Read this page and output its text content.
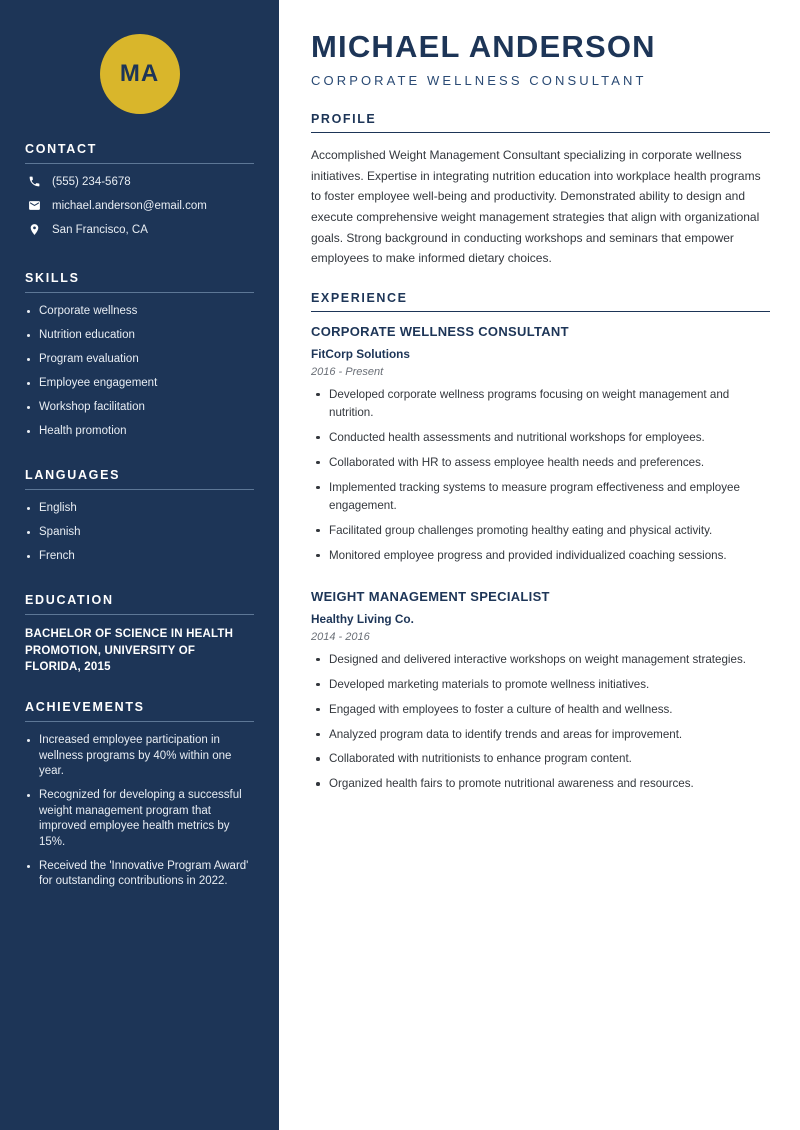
MA
CONTACT
(555) 234-5678
michael.anderson@email.com
San Francisco, CA
SKILLS
Corporate wellness
Nutrition education
Program evaluation
Employee engagement
Workshop facilitation
Health promotion
LANGUAGES
English
Spanish
French
EDUCATION
BACHELOR OF SCIENCE IN HEALTH PROMOTION, UNIVERSITY OF FLORIDA, 2015
ACHIEVEMENTS
Increased employee participation in wellness programs by 40% within one year.
Recognized for developing a successful weight management program that improved employee health metrics by 15%.
Received the 'Innovative Program Award' for outstanding contributions in 2022.
MICHAEL ANDERSON
CORPORATE WELLNESS CONSULTANT
PROFILE

Accomplished Weight Management Consultant specializing in corporate wellness initiatives. Expertise in integrating nutrition education into workplace health programs to foster employee well-being and productivity. Demonstrated ability to design and execute comprehensive weight management strategies that align with organizational goals. Strong background in conducting workshops and seminars that empower employees to make informed dietary choices.

EXPERIENCE
CORPORATE WELLNESS CONSULTANT
FitCorp Solutions
2016 - Present
Developed corporate wellness programs focusing on weight management and nutrition.
Conducted health assessments and nutritional workshops for employees.
Collaborated with HR to assess employee health needs and preferences.
Implemented tracking systems to measure program effectiveness and employee engagement.
Facilitated group challenges promoting healthy eating and physical activity.
Monitored employee progress and provided individualized coaching sessions.
WEIGHT MANAGEMENT SPECIALIST
Healthy Living Co.
2014 - 2016
Designed and delivered interactive workshops on weight management strategies.
Developed marketing materials to promote wellness initiatives.
Engaged with employees to foster a culture of health and wellness.
Analyzed program data to identify trends and areas for improvement.
Collaborated with nutritionists to enhance program content.
Organized health fairs to promote nutritional awareness and resources.
